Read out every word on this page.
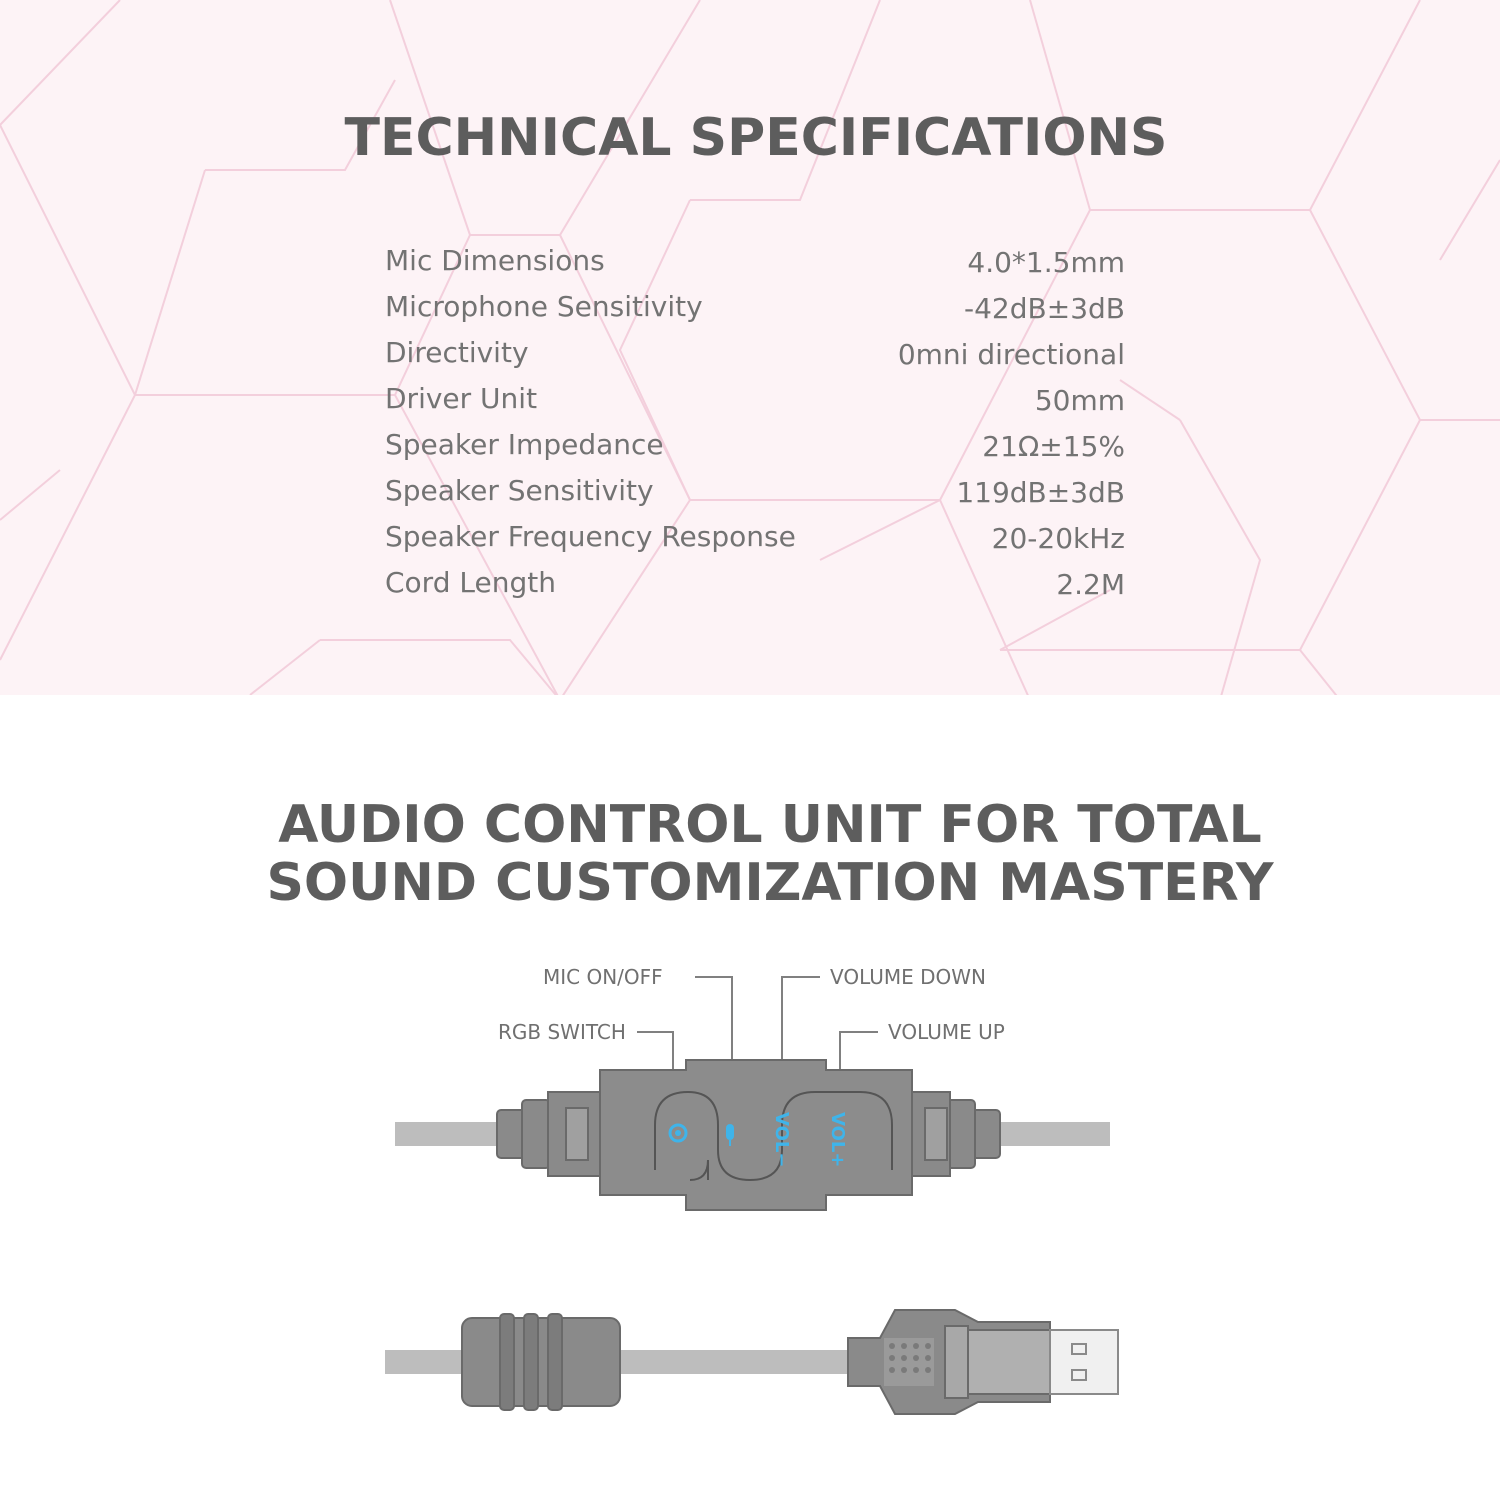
TECHNICAL SPECIFICATIONS
Mic Dimensions	4.0*1.5mm
Microphone Sensitivity	-42dB±3dB
Directivity	0mni directional
Driver Unit	50mm
Speaker Impedance	21Ω±15%
Speaker Sensitivity	119dB±3dB
Speaker Frequency Response	20-20kHz
Cord Length	2.2M
AUDIO CONTROL UNIT FOR TOTAL
SOUND CUSTOMIZATION MASTERY
MIC ON/OFF	VOLUME DOWN
RGB SWITCH	VOLUME UP
VOL− VOL+
